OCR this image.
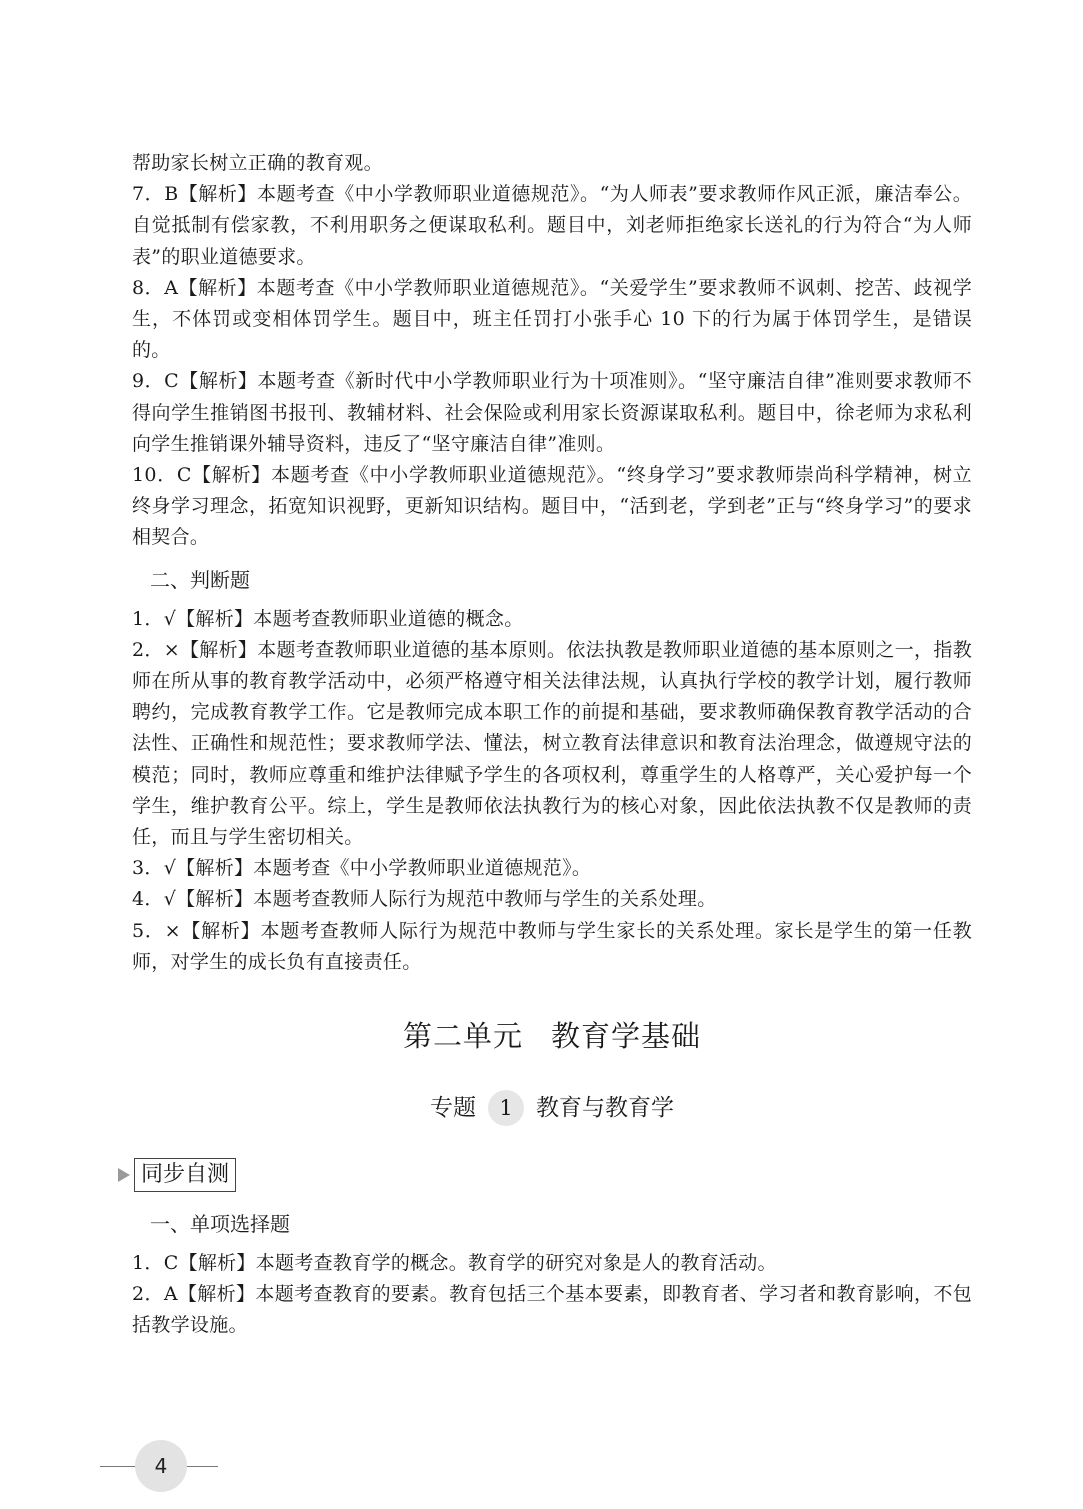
帮助家长树立正确的教育观。

7．B【解析】本题考查《中小学教师职业道德规范》。“为人师表”要求教师作风正派，廉洁奉公。自觉抵制有偿家教，不利用职务之便谋取私利。题目中，刘老师拒绝家长送礼的行为符合“为人师表”的职业道德要求。

8．A【解析】本题考查《中小学教师职业道德规范》。“关爱学生”要求教师不讽刺、挖苦、歧视学生，不体罚或变相体罚学生。题目中，班主任罚打小张手心 10 下的行为属于体罚学生，是错误的。

9．C【解析】本题考查《新时代中小学教师职业行为十项准则》。“坚守廉洁自律”准则要求教师不得向学生推销图书报刊、教辅材料、社会保险或利用家长资源谋取私利。题目中，徐老师为求私利向学生推销课外辅导资料，违反了“坚守廉洁自律”准则。

10．C【解析】本题考查《中小学教师职业道德规范》。“终身学习”要求教师崇尚科学精神，树立终身学习理念，拓宽知识视野，更新知识结构。题目中，“活到老，学到老”正与“终身学习”的要求相契合。

二、判断题

1．√【解析】本题考查教师职业道德的概念。

2．×【解析】本题考查教师职业道德的基本原则。依法执教是教师职业道德的基本原则之一，指教师在所从事的教育教学活动中，必须严格遵守相关法律法规，认真执行学校的教学计划，履行教师聘约，完成教育教学工作。它是教师完成本职工作的前提和基础，要求教师确保教育教学活动的合法性、正确性和规范性；要求教师学法、懂法，树立教育法律意识和教育法治理念，做遵规守法的模范；同时，教师应尊重和维护法律赋予学生的各项权利，尊重学生的人格尊严，关心爱护每一个学生，维护教育公平。综上，学生是教师依法执教行为的核心对象，因此依法执教不仅是教师的责任，而且与学生密切相关。

3．√【解析】本题考查《中小学教师职业道德规范》。

4．√【解析】本题考查教师人际行为规范中教师与学生的关系处理。

5．×【解析】本题考查教师人际行为规范中教师与学生家长的关系处理。家长是学生的第一任教师，对学生的成长负有直接责任。

第二单元 教育学基础
专题	1	教育与教育学
同步自测
一、单项选择题

1．C【解析】本题考查教育学的概念。教育学的研究对象是人的教育活动。

2．A【解析】本题考查教育的要素。教育包括三个基本要素，即教育者、学习者和教育影响，不包括教学设施。

4
